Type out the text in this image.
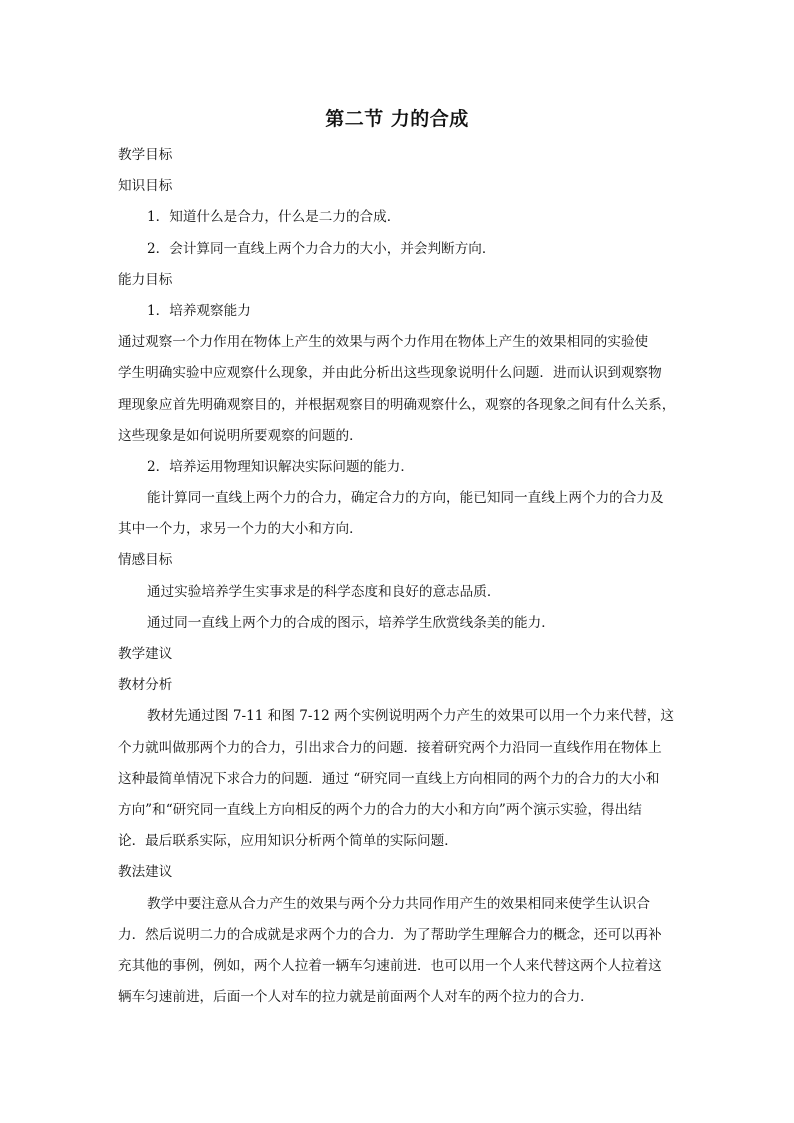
第二节 力的合成
教学目标
知识目标
1．知道什么是合力，什么是二力的合成．
2．会计算同一直线上两个力合力的大小，并会判断方向．
能力目标
1．培养观察能力
通过观察一个力作用在物体上产生的效果与两个力作用在物体上产生的效果相同的实验使
学生明确实验中应观察什么现象，并由此分析出这些现象说明什么问题．进而认识到观察物
理现象应首先明确观察目的，并根据观察目的明确观察什么，观察的各现象之间有什么关系，
这些现象是如何说明所要观察的问题的．
2．培养运用物理知识解决实际问题的能力．
能计算同一直线上两个力的合力，确定合力的方向，能已知同一直线上两个力的合力及
其中一个力，求另一个力的大小和方向．
情感目标
通过实验培养学生实事求是的科学态度和良好的意志品质．
通过同一直线上两个力的合成的图示，培养学生欣赏线条美的能力．
教学建议
教材分析
教材先通过图 7-11 和图 7-12 两个实例说明两个力产生的效果可以用一个力来代替，这
个力就叫做那两个力的合力，引出求合力的问题．接着研究两个力沿同一直线作用在物体上
这种最简单情况下求合力的问题．通过 “研究同一直线上方向相同的两个力的合力的大小和
方向”和“研究同一直线上方向相反的两个力的合力的大小和方向”两个演示实验，得出结
论．最后联系实际，应用知识分析两个简单的实际问题．
教法建议
教学中要注意从合力产生的效果与两个分力共同作用产生的效果相同来使学生认识合
力．然后说明二力的合成就是求两个力的合力．为了帮助学生理解合力的概念，还可以再补
充其他的事例，例如，两个人拉着一辆车匀速前进．也可以用一个人来代替这两个人拉着这
辆车匀速前进，后面一个人对车的拉力就是前面两个人对车的两个拉力的合力．
